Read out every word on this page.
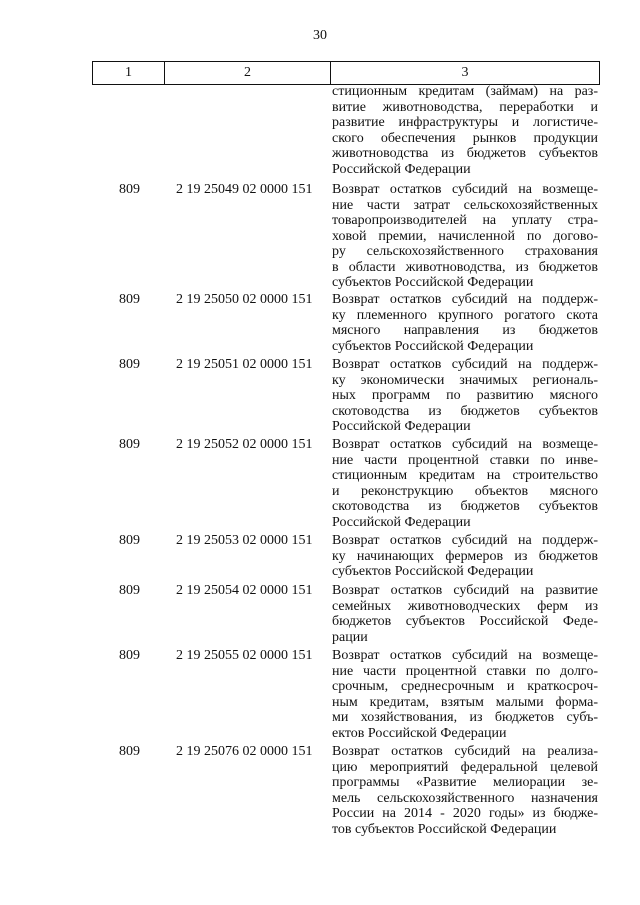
30
1	2	3
стиционным кредитам (займам) на раз-
витие животноводства, переработки и
развитие инфраструктуры и логистиче-
ского обеспечения рынков продукции
животноводства из бюджетов субъектов
Российской Федерации
809	2 19 25049 02 0000 151 Возврат остатков субсидий на возмеще-
ние части затрат сельскохозяйственных
товаропроизводителей на уплату стра-
ховой премии, начисленной по догово-
ру сельскохозяйственного страхования
в области животноводства, из бюджетов
субъектов Российской Федерации
809	2 19 25050 02 0000 151 Возврат остатков субсидий на поддерж-
ку племенного крупного рогатого скота
мясного направления из бюджетов
субъектов Российской Федерации
809	2 19 25051 02 0000 151 Возврат остатков субсидий на поддерж-
ку экономически значимых региональ-
ных программ по развитию мясного
скотоводства из бюджетов субъектов
Российской Федерации
809	2 19 25052 02 0000 151 Возврат остатков субсидий на возмеще-
ние части процентной ставки по инве-
стиционным кредитам на строительство
и реконструкцию объектов мясного
скотоводства из бюджетов субъектов
Российской Федерации
809	2 19 25053 02 0000 151 Возврат остатков субсидий на поддерж-
ку начинающих фермеров из бюджетов
субъектов Российской Федерации
809	2 19 25054 02 0000 151 Возврат остатков субсидий на развитие
семейных животноводческих ферм из
бюджетов субъектов Российской Феде-
рации
809	2 19 25055 02 0000 151 Возврат остатков субсидий на возмеще-
ние части процентной ставки по долго-
срочным, среднесрочным и краткосроч-
ным кредитам, взятым малыми форма-
ми хозяйствования, из бюджетов субъ-
ектов Российской Федерации
809	2 19 25076 02 0000 151 Возврат остатков субсидий на реализа-
цию мероприятий федеральной целевой
программы «Развитие мелиорации зе-
мель сельскохозяйственного назначения
России на 2014 - 2020 годы» из бюдже-
тов субъектов Российской Федерации
